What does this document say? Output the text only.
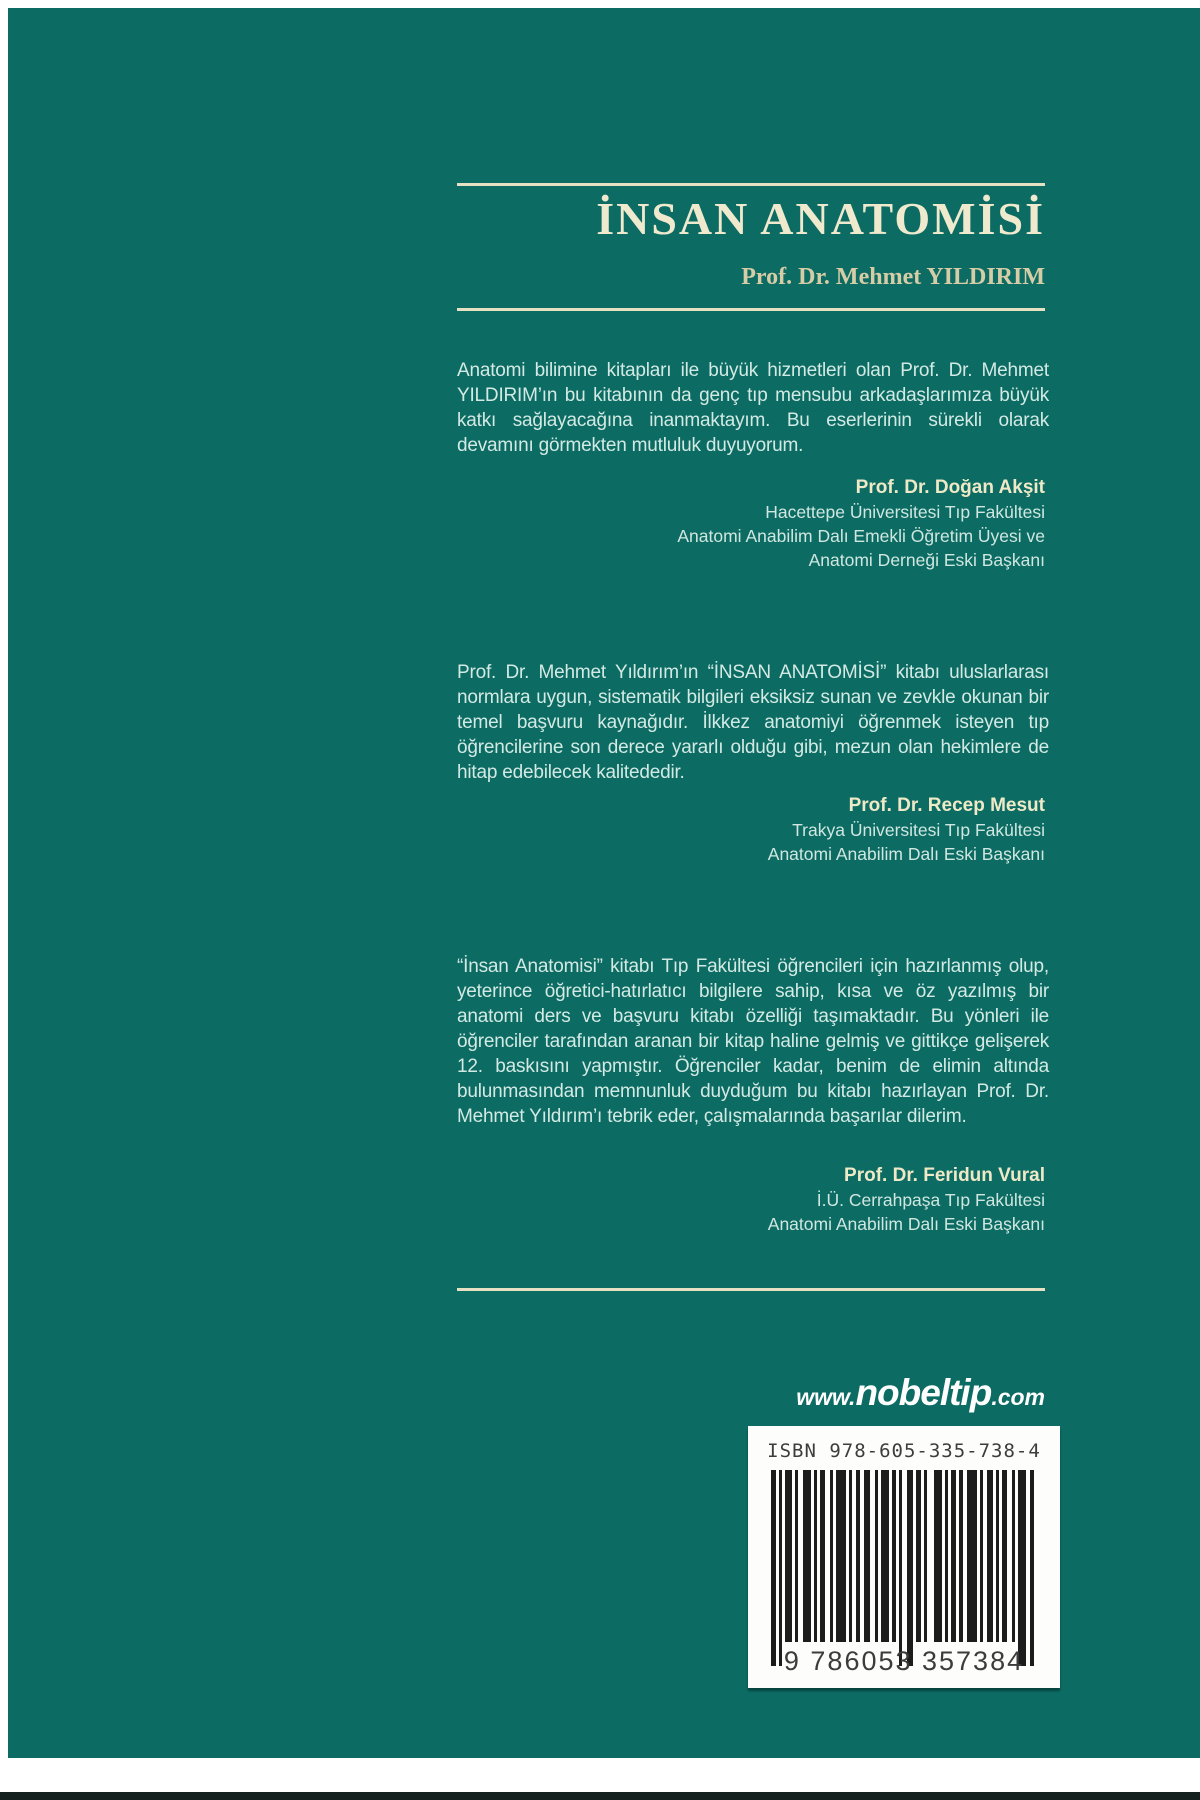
İNSAN ANATOMİSİ
Prof. Dr. Mehmet YILDIRIM
Anatomi bilimine kitapları ile büyük hizmetleri olan Prof. Dr. Mehmet YILDIRIM’ın bu kitabının da genç tıp mensubu arkadaşlarımıza büyük katkı sağlayacağına inanmaktayım. Bu eserlerinin sürekli olarak devamını görmekten mutluluk duyuyorum.
Prof. Dr. Doğan Akşit
Hacettepe Üniversitesi Tıp Fakültesi
Anatomi Anabilim Dalı Emekli Öğretim Üyesi ve
Anatomi Derneği Eski Başkanı
Prof. Dr. Mehmet Yıldırım’ın “İNSAN ANATOMİSİ” kitabı uluslarlarası normlara uygun, sistematik bilgileri eksiksiz sunan ve zevkle okunan bir temel başvuru kaynağıdır. İlkkez anatomiyi öğrenmek isteyen tıp öğrencilerine son derece yararlı olduğu gibi, mezun olan hekimlere de hitap edebilecek kalitededir.
Prof. Dr. Recep Mesut
Trakya Üniversitesi Tıp Fakültesi
Anatomi Anabilim Dalı Eski Başkanı
“İnsan Anatomisi” kitabı Tıp Fakültesi öğrencileri için hazırlanmış olup, yeterince öğretici-hatırlatıcı bilgilere sahip, kısa ve öz yazılmış bir anatomi ders ve başvuru kitabı özelliği taşımaktadır. Bu yönleri ile öğrenciler tarafından aranan bir kitap haline gelmiş ve gittikçe gelişerek 12. baskısını yapmıştır. Öğrenciler kadar, benim de elimin altında bulunmasından memnunluk duyduğum bu kitabı hazırlayan Prof. Dr. Mehmet Yıldırım’ı tebrik eder, çalışmalarında başarılar dilerim.
Prof. Dr. Feridun Vural
İ.Ü. Cerrahpaşa Tıp Fakültesi
Anatomi Anabilim Dalı Eski Başkanı
www.nobeltip.com
ISBN 978-605-335-738-4
9 786053 357384
